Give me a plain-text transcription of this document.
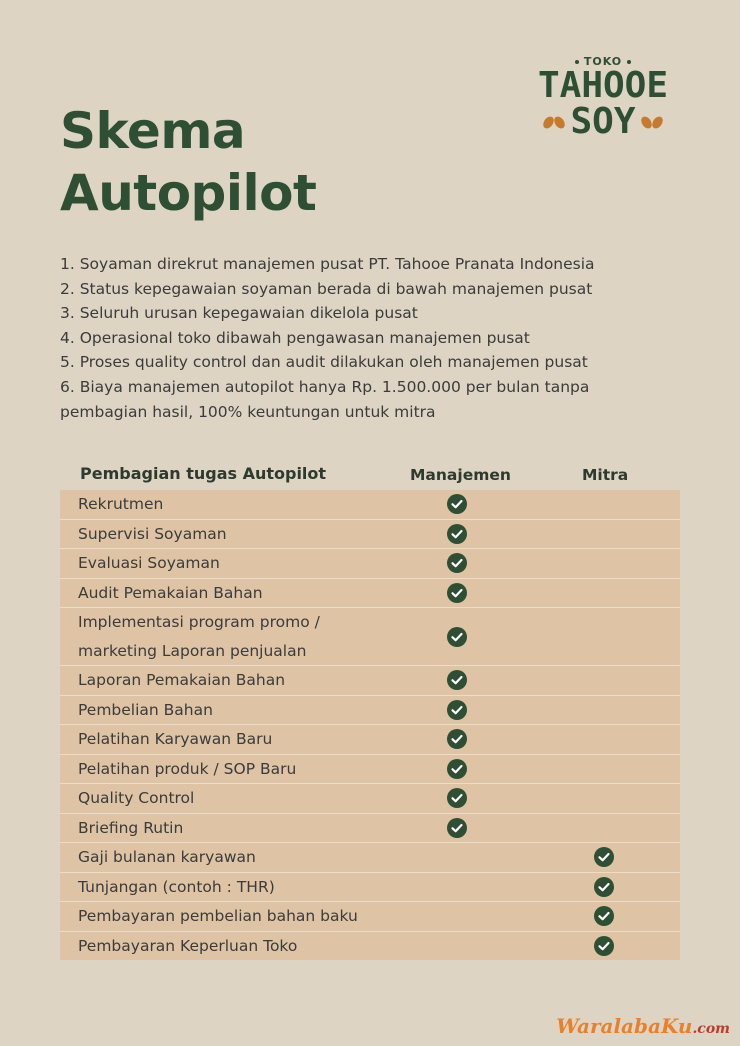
Skema
Autopilot
TOKO
TAHOOE
SOY
1. Soyaman direkrut manajemen pusat PT. Tahooe Pranata Indonesia
2. Status kepegawaian soyaman berada di bawah manajemen pusat
3. Seluruh urusan kepegawaian dikelola pusat
4. Operasional toko dibawah pengawasan manajemen pusat
5. Proses quality control dan audit dilakukan oleh manajemen pusat
6. Biaya manajemen autopilot hanya Rp. 1.500.000 per bulan tanpa
pembagian hasil, 100% keuntungan untuk mitra
Pembagian tugas Autopilot	Manajemen	Mitra
Rekrutmen
Supervisi Soyaman
Evaluasi Soyaman
Audit Pemakaian Bahan
Implementasi program promo /
marketing Laporan penjualan
Laporan Pemakaian Bahan
Pembelian Bahan
Pelatihan Karyawan Baru
Pelatihan produk / SOP Baru
Quality Control
Briefing Rutin
Gaji bulanan karyawan
Tunjangan (contoh : THR)
Pembayaran pembelian bahan baku
Pembayaran Keperluan Toko
WaralabaKu.com
